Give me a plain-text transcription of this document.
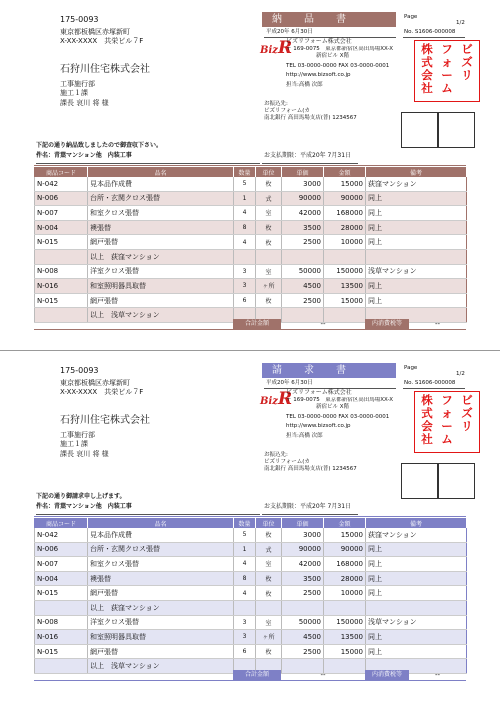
175-0093
東京都板橋区赤塚新町
X-XX-XXXX　共栄ビル７F
石狩川住宅株式会社
工事施行部
施工１課
課長 哀川 将 様
納　品　書	Page
1/2
平成20年 6月30日	No. S1606-000008
BizR
ビズリフォーム株式会社
〒 169-0075　東京都新宿区高田馬場XX-X
新宿ビル X階
TEL 03-0000-0000 FAX 03-0000-0001
http://www.bizsoft.co.jp
担当:高橋 次郎
ビ
ズ
リ
フ
ォ
ー
ム
株
式
会
社
お振込先:
ビズリフォーム(カ
南北銀行 高田馬場支店(普) 1234567
下記の通り納品致しましたので御査収下さい。
件名：青葉マンション他　内装工事	お支払期限：平成20年 7月31日
商品コード	品名	数量	単位	単価	金額	備考
N-042	見本品作成費	5	枚	3000	15000	荻窪マンション
N-006	台所・玄関クロス張替	1	式	90000	90000	同上
N-007	和室クロス張替	4	室	42000	168000	同上
N-004	襖張替	8	枚	3500	28000	同上
N-015	網戸張替	4	枚	2500	10000	同上
	以上　荻窪マンション					
N-008	洋室クロス張替	3	室	50000	150000	浅草マンション
N-016	和室照明器具取替	3	ヶ所	4500	13500	同上
N-015	網戸張替	6	枚	2500	15000	同上
	以上　浅草マンション					
合計金額	--	内消費税等	--
175-0093
東京都板橋区赤塚新町
X-XX-XXXX　共栄ビル７F
石狩川住宅株式会社
工事施行部
施工１課
課長 哀川 将 様
請　求　書	Page
1/2
平成20年 6月30日	No. S1606-000008
BizR
ビズリフォーム株式会社
〒 169-0075　東京都新宿区高田馬場XX-X
新宿ビル X階
TEL 03-0000-0000 FAX 03-0000-0001
http://www.bizsoft.co.jp
担当:高橋 次郎
ビ
ズ
リ
フ
ォ
ー
ム
株
式
会
社
お振込先:
ビズリフォーム(カ
南北銀行 高田馬場支店(普) 1234567
下記の通り御請求申し上げます。
件名：青葉マンション他　内装工事	お支払期限：平成20年 7月31日
商品コード	品名	数量	単位	単価	金額	備考
N-042	見本品作成費	5	枚	3000	15000	荻窪マンション
N-006	台所・玄関クロス張替	1	式	90000	90000	同上
N-007	和室クロス張替	4	室	42000	168000	同上
N-004	襖張替	8	枚	3500	28000	同上
N-015	網戸張替	4	枚	2500	10000	同上
	以上　荻窪マンション					
N-008	洋室クロス張替	3	室	50000	150000	浅草マンション
N-016	和室照明器具取替	3	ヶ所	4500	13500	同上
N-015	網戸張替	6	枚	2500	15000	同上
	以上　浅草マンション					
合計金額	--	内消費税等	--
